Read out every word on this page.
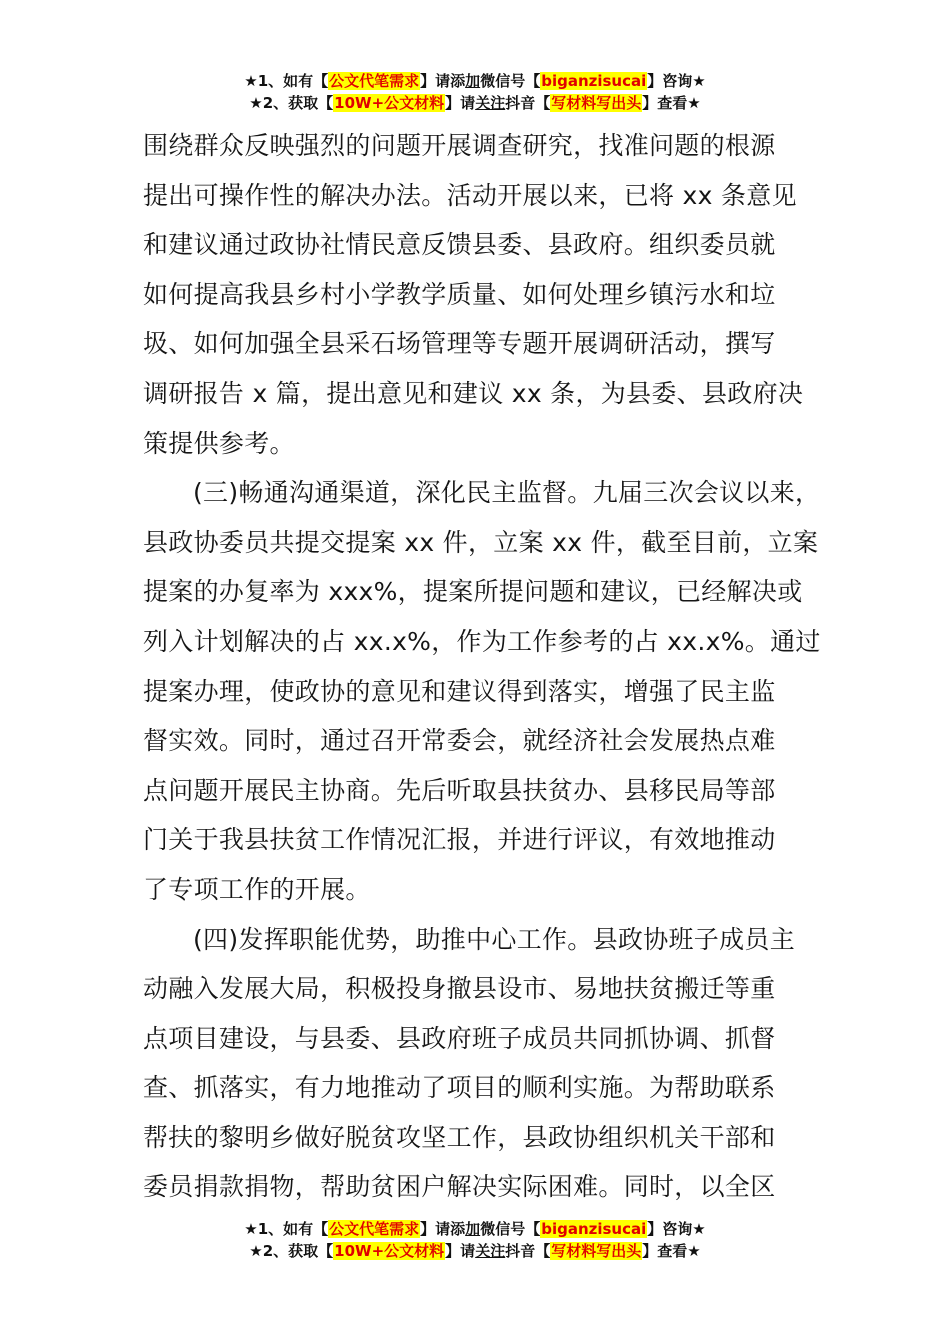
★1、如有【公文代笔需求】请添加微信号【biganzisucai】咨询★
★2、获取【10W+公文材料】请关注抖音【写材料写出头】查看★

围绕群众反映强烈的问题开展调查研究，找准问题的根源
提出可操作性的解决办法。活动开展以来，已将 xx 条意见
和建议通过政协社情民意反馈县委、县政府。组织委员就
如何提高我县乡村小学教学质量、如何处理乡镇污水和垃
圾、如何加强全县采石场管理等专题开展调研活动，撰写
调研报告 x 篇，提出意见和建议 xx 条，为县委、县政府决
策提供参考。

(三)畅通沟通渠道，深化民主监督。九届三次会议以来，
县政协委员共提交提案 xx 件，立案 xx 件，截至目前，立案
提案的办复率为 xxx%，提案所提问题和建议，已经解决或
列入计划解决的占 xx.x%，作为工作参考的占 xx.x%。通过
提案办理，使政协的意见和建议得到落实，增强了民主监
督实效。同时，通过召开常委会，就经济社会发展热点难
点问题开展民主协商。先后听取县扶贫办、县移民局等部
门关于我县扶贫工作情况汇报，并进行评议，有效地推动
了专项工作的开展。

(四)发挥职能优势，助推中心工作。县政协班子成员主
动融入发展大局，积极投身撤县设市、易地扶贫搬迁等重
点项目建设，与县委、县政府班子成员共同抓协调、抓督
查、抓落实，有力地推动了项目的顺利实施。为帮助联系
帮扶的黎明乡做好脱贫攻坚工作，县政协组织机关干部和
委员捐款捐物，帮助贫困户解决实际困难。同时，以全区

★1、如有【公文代笔需求】请添加微信号【biganzisucai】咨询★
★2、获取【10W+公文材料】请关注抖音【写材料写出头】查看★
